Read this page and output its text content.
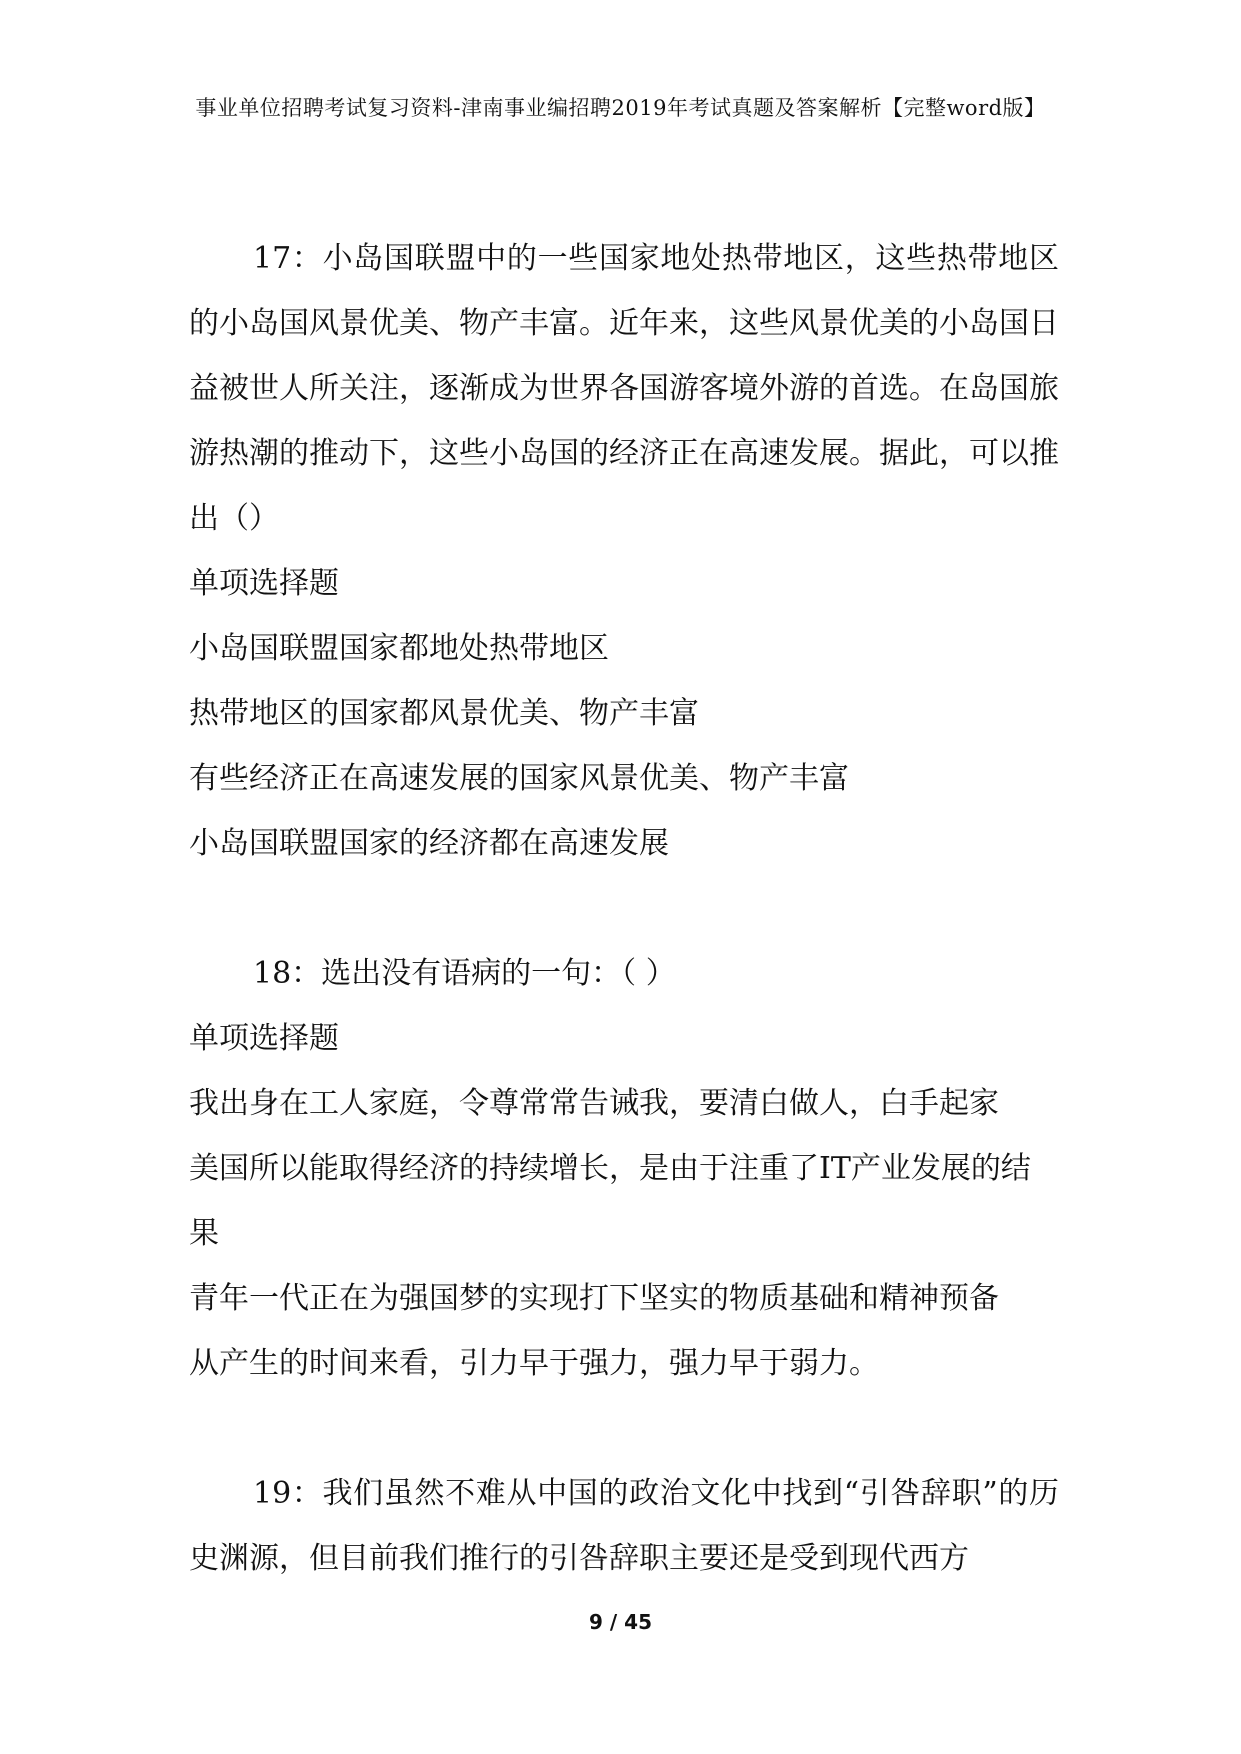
事业单位招聘考试复习资料-津南事业编招聘2019年考试真题及答案解析【完整word版】

17：小岛国联盟中的一些国家地处热带地区，这些热带地区的小岛国风景优美、物产丰富。近年来，这些风景优美的小岛国日益被世人所关注，逐渐成为世界各国游客境外游的首选。在岛国旅游热潮的推动下，这些小岛国的经济正在高速发展。据此，可以推出（）

单项选择题

小岛国联盟国家都地处热带地区

热带地区的国家都风景优美、物产丰富

有些经济正在高速发展的国家风景优美、物产丰富

小岛国联盟国家的经济都在高速发展

18：选出没有语病的一句：（ ）

单项选择题

我出身在工人家庭，令尊常常告诫我，要清白做人，白手起家

美国所以能取得经济的持续增长，是由于注重了IT产业发展的结果

青年一代正在为强国梦的实现打下坚实的物质基础和精神预备

从产生的时间来看，引力早于强力，强力早于弱力。

19：我们虽然不难从中国的政治文化中找到“引咎辞职”的历史渊源，但目前我们推行的引咎辞职主要还是受到现代西方

9 / 45
